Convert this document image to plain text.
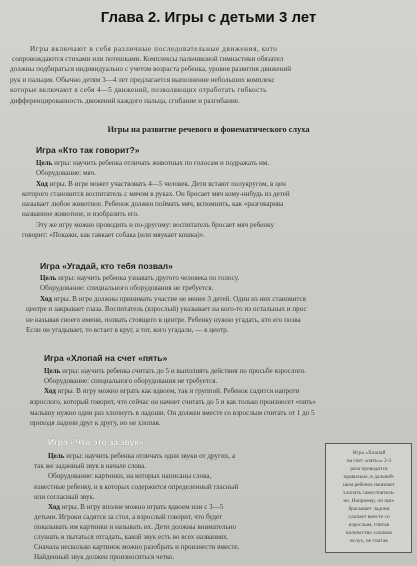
Глава 2. Игры с детьми 3 лет
Игры включают в себя различные последовательные движения, кото
сопровождаются стихами или потешками. Комплексы пальчиковой гимнастики обязател
должны подбираться индивидуально с учетом возраста ребенка, уровня развития движений
рук и пальцев. Обычно детям 3—4 лет предлагается выполнение небольших комплекс
которые включают в себя 4—5 движений, позволяющих отработать гибкость
дифференцированность движений каждого пальца, сгибание и разгибание.
Игры на развитие речевого и фонематического слуха
Игра «Кто так говорит?»
Цель игры: научить ребенка отличать животных по голосам и подражать им.
Оборудование: мяч.
Ход игры. В игре может участвовать 4—5 человек. Дети встают полукругом, в цен
которого становится воспитатель с мячом в руках. Он бросает мяч кому-нибудь из детей
называет любое животное. Ребенок должен поймать мяч, вспомнить, как «разговарива
названное животное, и изобразить его.
Эту же игру можно проводить и по-другому: воспитатель бросает мяч ребенку
говорит: «Покажи, как гавкает собака (или мяукает кошка)».
Игра «Угадай, кто тебя позвал»
Цель игры: научить ребенка узнавать другого человека по голосу.
Оборудование: специального оборудования не требуется.
Ход игры. В игре должны принимать участие не менее 3 детей. Один из них становится
центре и закрывает глаза. Воспитатель (взрослый) указывает на кого-то из остальных и прос
не называя своего имени, позвать стоящего в центре. Ребенку нужно угадать, кто его позва
Если он угадывает, то встает в круг, а тот, кого угадали, — в центр.
Игра «Хлопай на счет «пять»
Цель игры: научить ребенка считать до 5 и выполнять действия по просьбе взрослого.
Оборудование: специального оборудования не требуется.
Ход игры. В игру можно играть как вдвоем, так и группой. Ребенок садится напроти
взрослого, который говорит, что сейчас он начнет считать до 5 и как только произнесет «пять»
малышу нужно один раз хлопнуть в ладоши. Он должен вместе со взрослым считать от 1 до 5
приходя ладони друг к другу, но не хлопая.
Игра «Что это за звук»
Цель игры: научить ребенка отличать одни звуки от других, а
так же заданный звук в начале слова.
Оборудование: картинки, на которых написаны слова,
известные ребенку, и в которых содержится определенный гласный
или согласный звук.
Ход игры. В игру вполне можно играть вдвоем или с 3—5
детьми. Игроки садятся за стол, а взрослый говорит, что будет
показывать им картинки и называть их. Дети должны внимательно
слушать и пытаться отгадать, какой звук есть во всех названиях.
Сначала несколько картинок можно разобрать и произнести вместе.
Найденный звук должен произноситься четко.
Игра «Хлопай
на счет «пять»» 2-3
раза проводится
правильно, в дальней-
шем ребенок начинает
хлопать самостоятель-
но. Например, он при-
брасывает ладони
хлопает вместе со
взрослым, считая
количество хлопков
вслух, не считая
